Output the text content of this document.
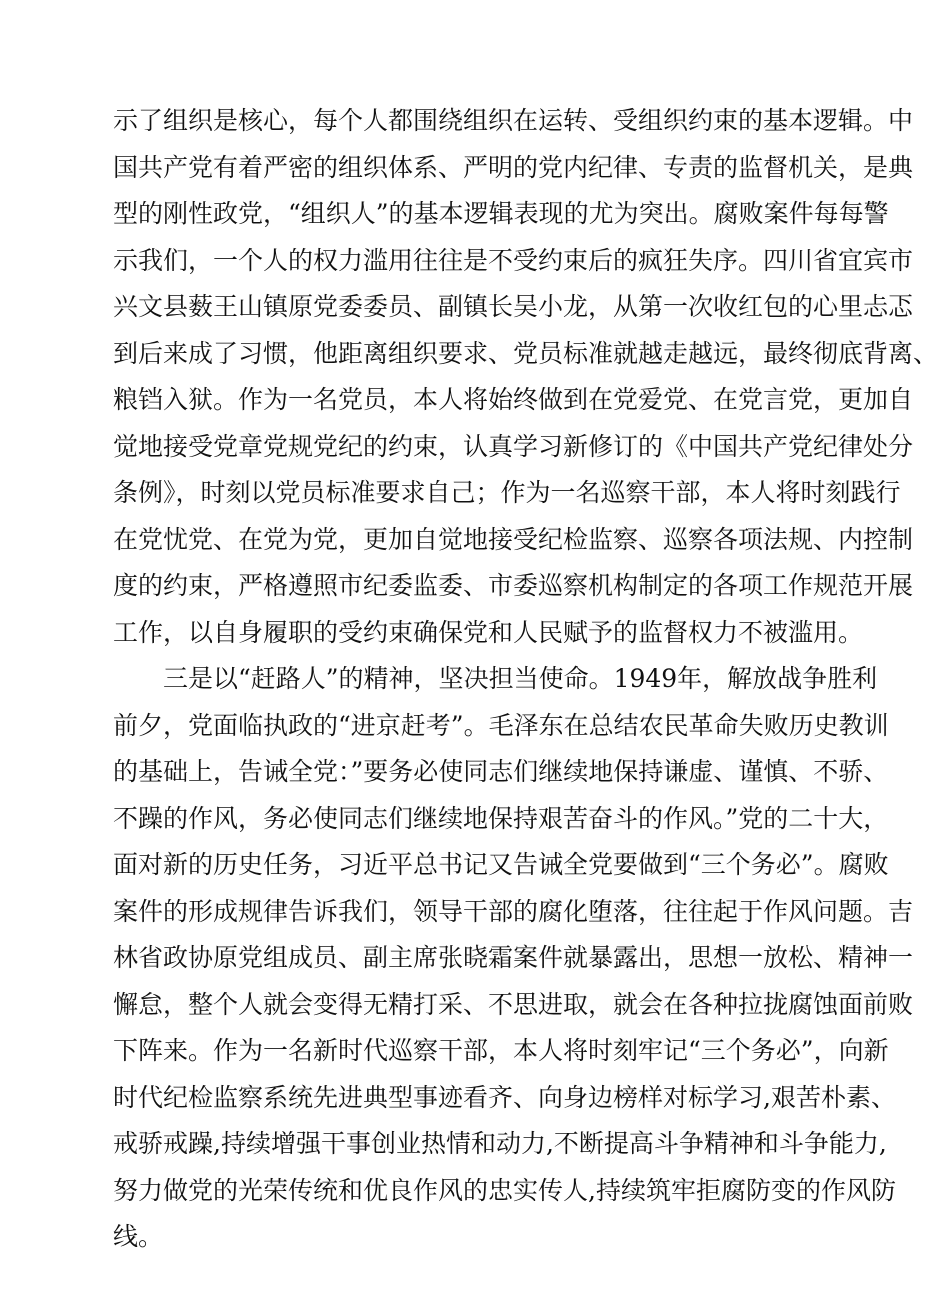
示了组织是核心，每个人都围绕组织在运转、受组织约束的基本逻辑。中
国共产党有着严密的组织体系、严明的党内纪律、专责的监督机关，是典
型的刚性政党，“组织人”的基本逻辑表现的尤为突出。腐败案件每每警
示我们，一个人的权力滥用往往是不受约束后的疯狂失序。四川省宜宾市
兴文县薮王山镇原党委委员、副镇长吴小龙，从第一次收红包的心里忐忑
到后来成了习惯，他距离组织要求、党员标准就越走越远，最终彻底背离、
粮铛入狱。作为一名党员，本人将始终做到在党爱党、在党言党，更加自
觉地接受党章党规党纪的约束，认真学习新修订的《中国共产党纪律处分
条例》，时刻以党员标准要求自己；作为一名巡察干部，本人将时刻践行
在党忧党、在党为党，更加自觉地接受纪检监察、巡察各项法规、内控制
度的约束，严格遵照市纪委监委、市委巡察机构制定的各项工作规范开展
工作，以自身履职的受约束确保党和人民赋予的监督权力不被滥用。
三是以“赶路人”的精神，坚决担当使命。1949年，解放战争胜利
前夕，党面临执政的“进京赶考”。毛泽东在总结农民革命失败历史教训
的基础上，告诫全党：”要务必使同志们继续地保持谦虚、谨慎、不骄、
不躁的作风，务必使同志们继续地保持艰苦奋斗的作风。”党的二十大，
面对新的历史任务，习近平总书记又告诫全党要做到“三个务必”。腐败
案件的形成规律告诉我们，领导干部的腐化堕落，往往起于作风问题。吉
林省政协原党组成员、副主席张晓霜案件就暴露出，思想一放松、精神一
懈怠，整个人就会变得无精打采、不思进取，就会在各种拉拢腐蚀面前败
下阵来。作为一名新时代巡察干部，本人将时刻牢记“三个务必”，向新
时代纪检监察系统先进典型事迹看齐、向身边榜样对标学习,艰苦朴素、
戒骄戒躁,持续增强干事创业热情和动力,不断提高斗争精神和斗争能力,
努力做党的光荣传统和优良作风的忠实传人,持续筑牢拒腐防变的作风防
线。
